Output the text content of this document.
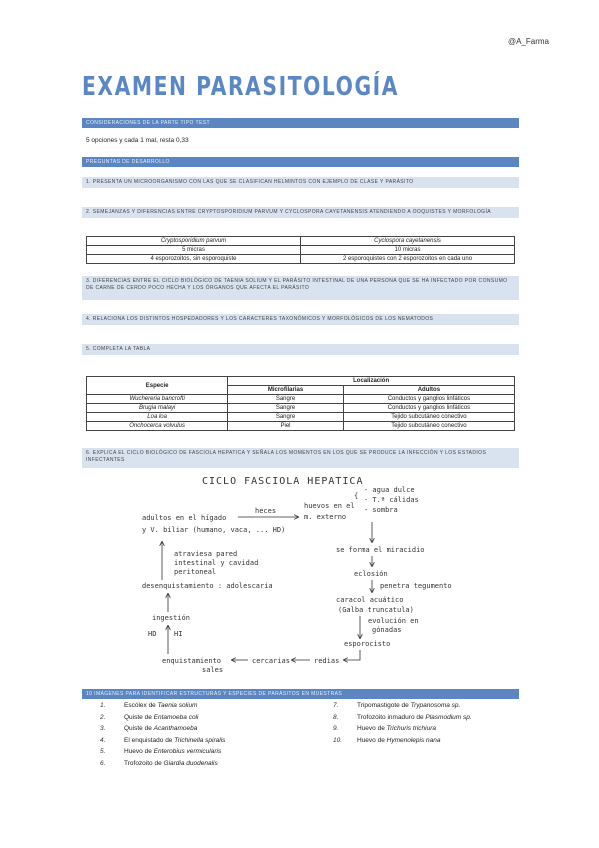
@A_Farma
EXAMEN PARASITOLOGÍA
CONSIDERACIONES DE LA PARTE TIPO TEST
5 opciones y cada 1 mal, resta 0,33
PREGUNTAS DE DESARROLLO
1. PRESENTA UN MICROORGANISMO CON LAS QUE SE CLASIFICAN HELMINTOS CON EJEMPLO DE CLASE Y PARÁSITO
2. SEMEJANZAS Y DIFERENCIAS ENTRE CRYPTOSPORIDIUM PARVUM Y CYCLOSPORA CAYETANENSIS ATENDIENDO A OOQUISTES Y MORFOLOGÍA
Cryptosporidium parvum	Cyclospora cayetanensis
5 micras	10 micras
4 esporozoitos, sin esporoquiste	2 esporoquistes con 2 esporozoitos en cada uno
3. DIFERENCIAS ENTRE EL CICLO BIOLÓGICO DE TAENIA SOLIUM Y EL PARÁSITO INTESTINAL DE UNA PERSONA QUE SE HA INFECTADO POR CONSUMO DE CARNE DE CERDO POCO HECHA Y LOS ÓRGANOS QUE AFECTA EL PARÁSITO
4. RELACIONA LOS DISTINTOS HOSPEDADORES Y LOS CARACTERES TAXONÓMICOS Y MORFOLÓGICOS DE LOS NEMATODOS
5. COMPLETA LA TABLA
Especie	Localización	
	Microfilarias	Adultos
Wuchereria bancrofti	Sangre	Conductos y ganglios linfáticos
Brugia malayi	Sangre	Conductos y ganglios linfáticos
Loa loa	Sangre	Tejido subcutáneo conectivo
Onchocerca volvulus	Piel	Tejido subcutáneo conectivo
6. EXPLICA EL CICLO BIOLÓGICO DE FASCIOLA HEPATICA Y SEÑALA LOS MOMENTOS EN LOS QUE SE PRODUCE LA INFECCIÓN Y LOS ESTADIOS INFECTANTES
CICLO FASCIOLA HEPATICA
adultos en el hígado
y V. biliar (humano, vaca, ... HD)
heces
huevos en el
m. externo
{
- agua dulce
- T.ª cálidas
- sombra
se forma el miracidio
eclosión
penetra tegumento
caracol acuático
(Galba truncatula)
evolución en
gónadas
esporocisto
redias
cercarias
enquistamiento
sales
HD	HI
ingestión
desenquistamiento : adolescaria
atraviesa pared
intestinal y cavidad
peritoneal
10 IMÁGENES PARA IDENTIFICAR ESTRUCTURAS Y ESPECIES DE PARÁSITOS EN MUESTRAS
1.	Escólex de Taenia solium
2.	Quiste de Entamoeba coli
3.	Quiste de Acanthamoeba
4.	El enquistado de Trichinella spiralis
5.	Huevo de Enterobius vermicularis
6.	Trofozoito de Giardia duodenalis
7.	Tripomastigote de Trypanosoma sp.
8.	Trofozoito inmaduro de Plasmodium sp.
9.	Huevo de Trichuris trichiura
10. Huevo de Hymenolepis nana
